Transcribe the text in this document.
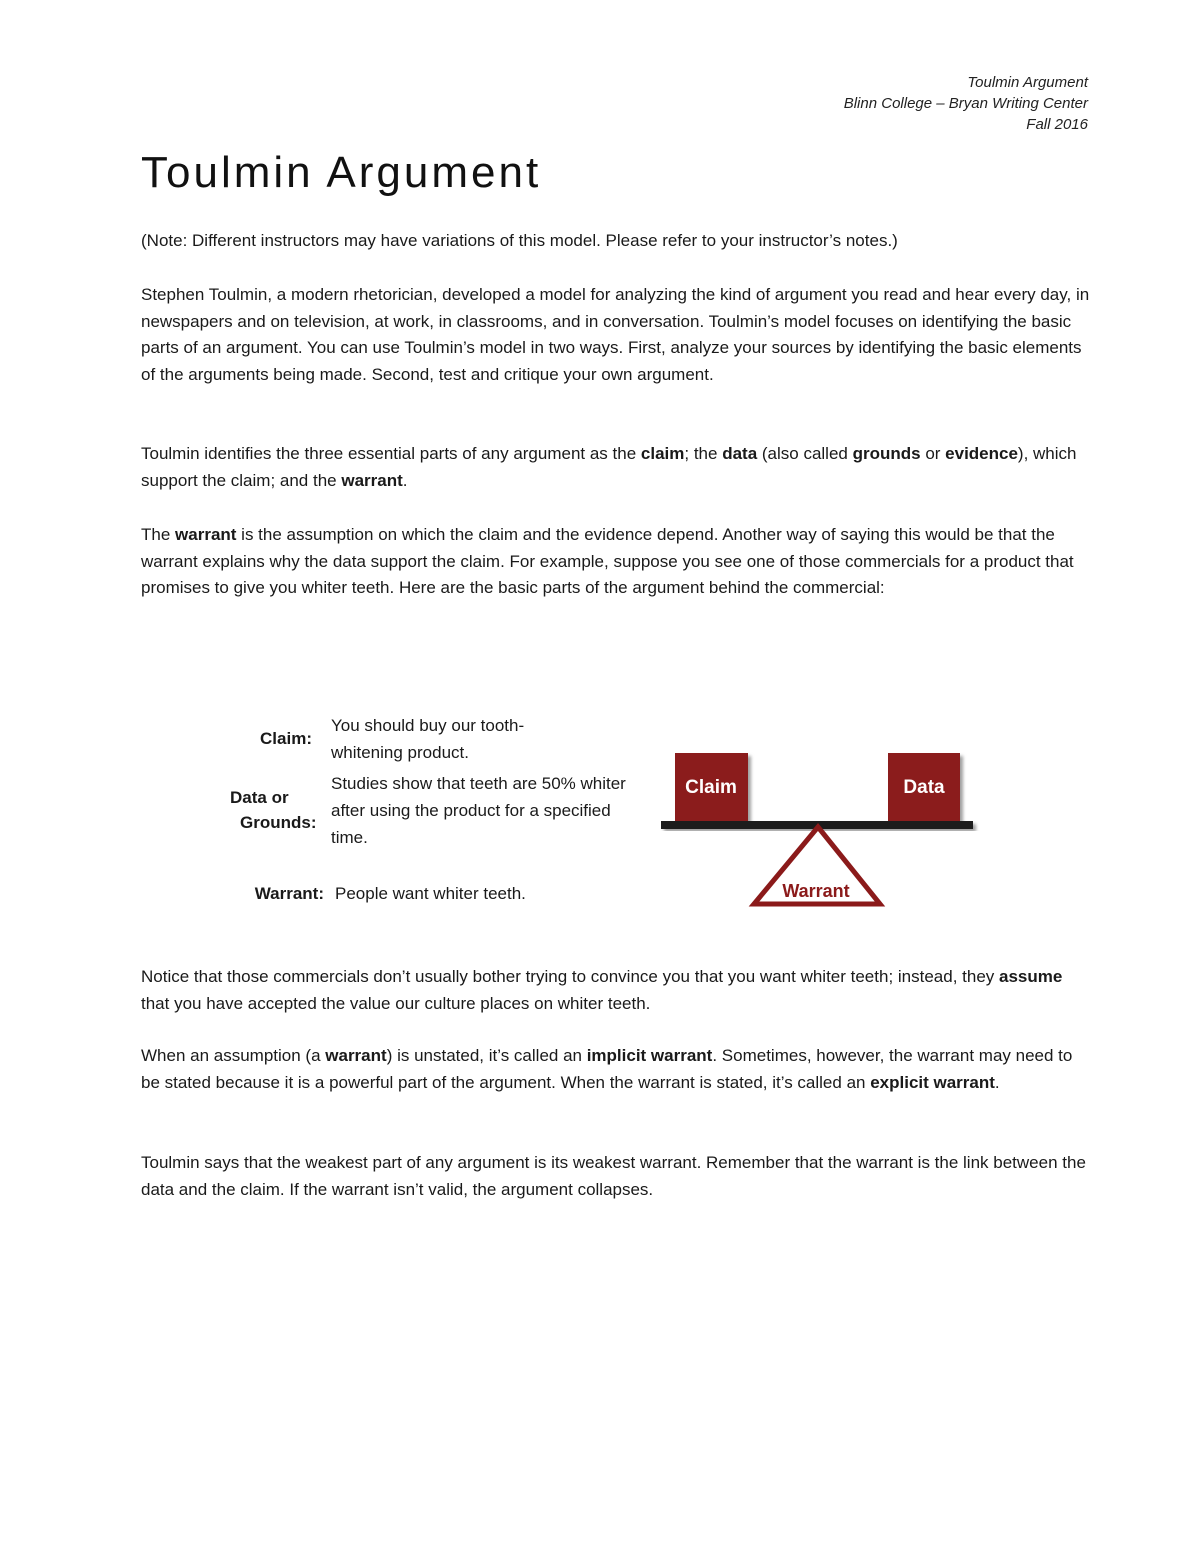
Toulmin Argument
Blinn College – Bryan Writing Center
Fall 2016
Toulmin Argument

(Note: Different instructors may have variations of this model. Please refer to your instructor’s notes.)

Stephen Toulmin, a modern rhetorician, developed a model for analyzing the kind of argument you read and hear every day, in newspapers and on television, at work, in classrooms, and in conversation. Toulmin’s model focuses on identifying the basic parts of an argument. You can use Toulmin’s model in two ways. First, analyze your sources by identifying the basic elements of the arguments being made. Second, test and critique your own argument.

Toulmin identifies the three essential parts of any argument as the claim; the data (also called grounds or evidence), which support the claim; and the warrant.

The warrant is the assumption on which the claim and the evidence depend. Another way of saying this would be that the warrant explains why the data support the claim. For example, suppose you see one of those commercials for a product that promises to give you whiter teeth. Here are the basic parts of the argument behind the commercial:

Claim:
You should buy our tooth-whitening product.
Data or
Grounds:
Studies show that teeth are 50% whiter after using the product for a specified time.
Warrant: People want whiter teeth.
Claim	Data
Warrant

Notice that those commercials don’t usually bother trying to convince you that you want whiter teeth; instead, they assume that you have accepted the value our culture places on whiter teeth.

When an assumption (a warrant) is unstated, it’s called an implicit warrant. Sometimes, however, the warrant may need to be stated because it is a powerful part of the argument. When the warrant is stated, it’s called an explicit warrant.

Toulmin says that the weakest part of any argument is its weakest warrant. Remember that the warrant is the link between the data and the claim. If the warrant isn’t valid, the argument collapses.
